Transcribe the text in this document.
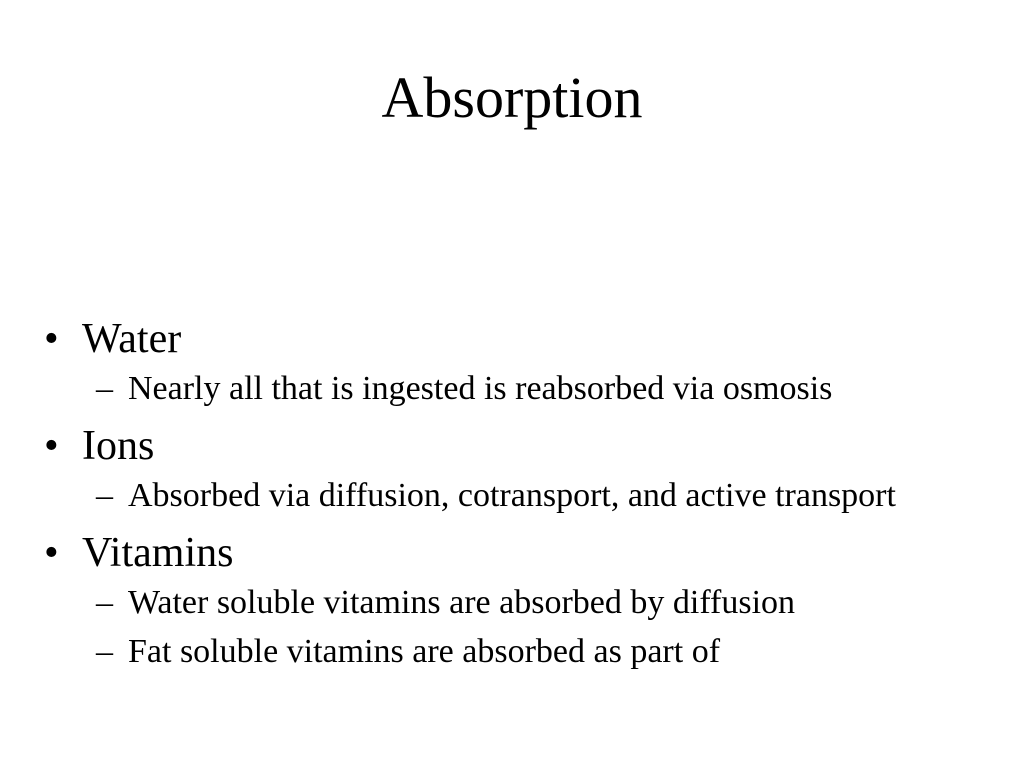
Absorption
• Water
– Nearly all that is ingested is reabsorbed via osmosis
• Ions
– Absorbed via diffusion, cotransport, and active transport
• Vitamins
– Water soluble vitamins are absorbed by diffusion
– Fat soluble vitamins are absorbed as part of
